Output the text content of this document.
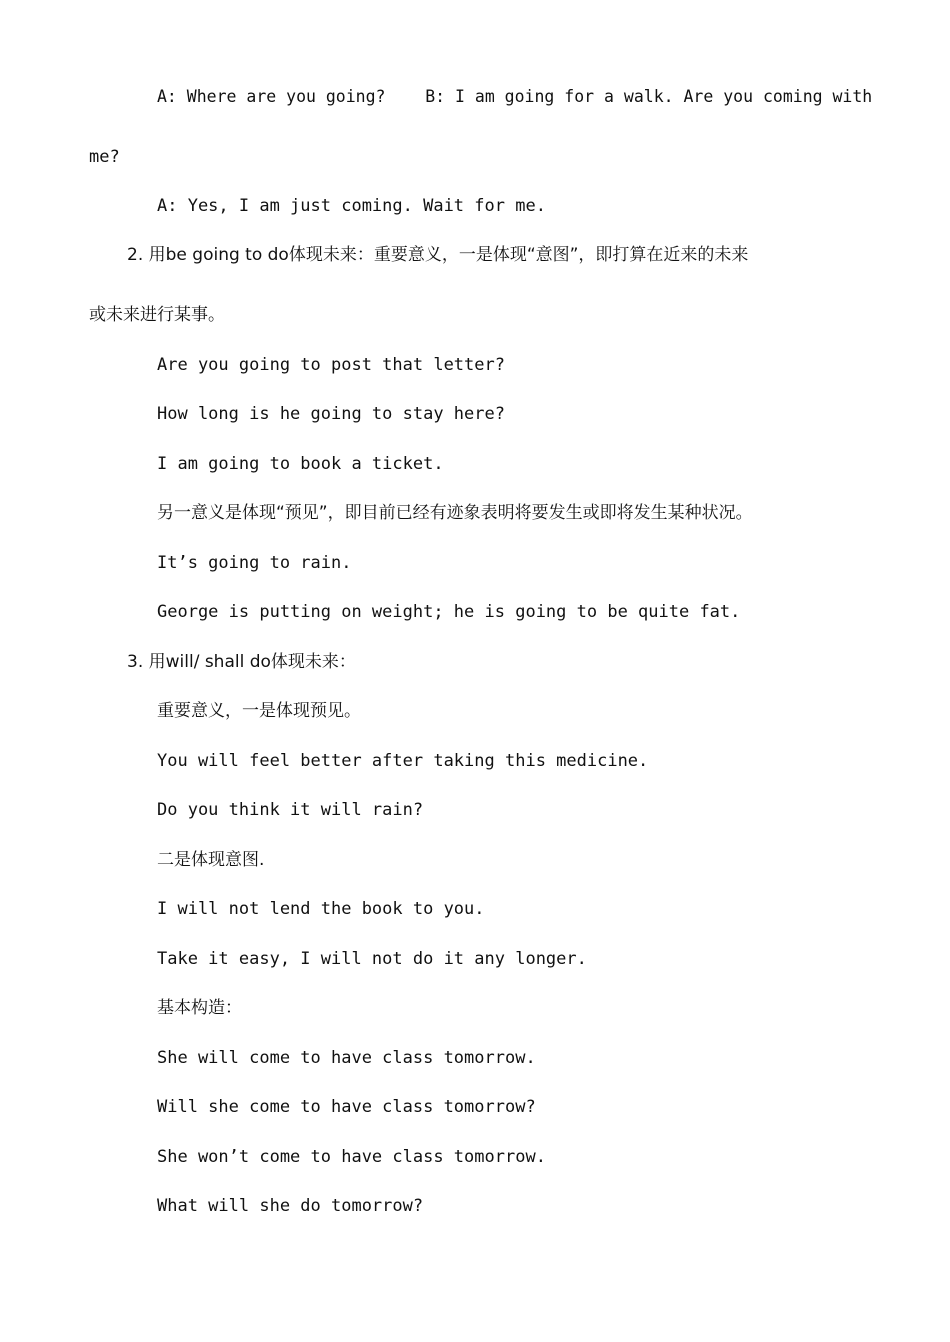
A: Where are you going?    B: I am going for a walk. Are you coming with
me?
A: Yes, I am just coming. Wait for me.
2. 用be going to do体现未来：重要意义，一是体现“意图”，即打算在近来的未来
或未来进行某事。
Are you going to post that letter?
How long is he going to stay here?
I am going to book a ticket.
另一意义是体现“预见”，即目前已经有迹象表明将要发生或即将发生某种状况。
It’s going to rain.
George is putting on weight; he is going to be quite fat.
3. 用will/ shall do体现未来：
重要意义，一是体现预见。
You will feel better after taking this medicine.
Do you think it will rain?
二是体现意图.
I will not lend the book to you.
Take it easy, I will not do it any longer.
基本构造：
She will come to have class tomorrow.
Will she come to have class tomorrow?
She won’t come to have class tomorrow.
What will she do tomorrow?
